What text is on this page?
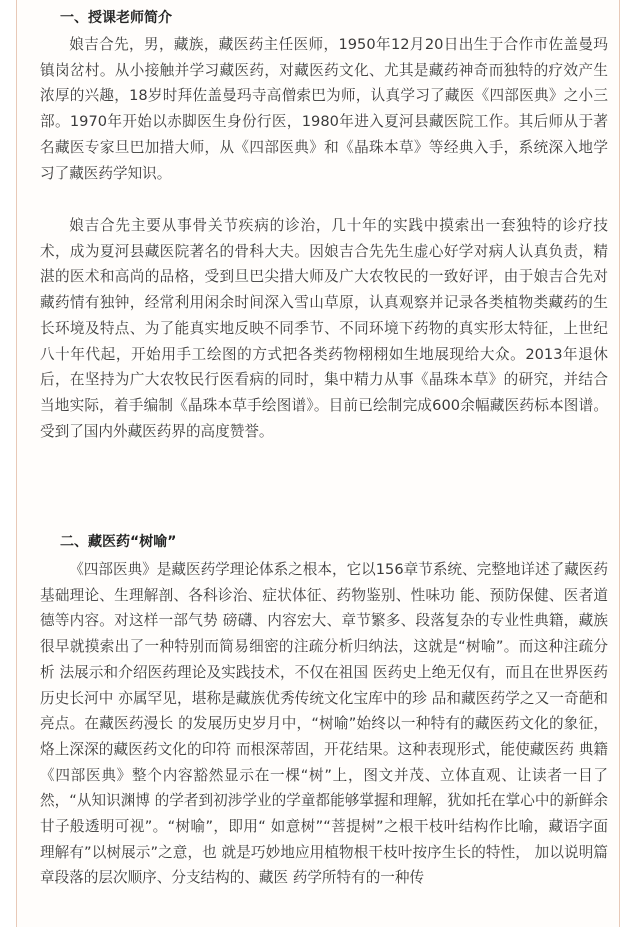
一、授课老师简介

娘吉合先，男，藏族，藏医药主任医师，1950年12月20日出生于合作市佐盖曼玛镇岗岔村。从小接触并学习藏医药，对藏医药文化、尤其是藏药神奇而独特的疗效产生浓厚的兴趣，18岁时拜佐盖曼玛寺高僧索巴为师，认真学习了藏医《四部医典》之小三部。1970年开始以赤脚医生身份行医，1980年进入夏河县藏医院工作。其后师从于著名藏医专家旦巴加措大师，从《四部医典》和《晶珠本草》等经典入手，系统深入地学习了藏医药学知识。

娘吉合先主要从事骨关节疾病的诊治，几十年的实践中摸索出一套独特的诊疗技术，成为夏河县藏医院著名的骨科大夫。因娘吉合先先生虚心好学对病人认真负责，精湛的医术和高尚的品格，受到旦巴尖措大师及广大农牧民的一致好评，由于娘吉合先对藏药情有独钟，经常利用闲余时间深入雪山草原，认真观察并记录各类植物类藏药的生长环境及特点、为了能真实地反映不同季节、不同环境下药物的真实形太特征，上世纪八十年代起，开始用手工绘图的方式把各类药物栩栩如生地展现给大众。2013年退休后，在坚持为广大农牧民行医看病的同时，集中精力从事《晶珠本草》的研究，并结合当地实际，着手编制《晶珠本草手绘图谱》。目前已绘制完成600余幅藏医药标本图谱。受到了国内外藏医药界的高度赞誉。

二、藏医药“树喻”

《四部医典》是藏医药学理论体系之根本，它以156章节系统、完整地详述了藏医药基础理论、生理解剖、各科诊治、症状体征、药物鉴别、性味功 能、预防保健、医者道德等内容。对这样一部气势 磅礴、内容宏大、章节繁多、段落复杂的专业性典籍，藏族很早就摸索出了一种特别而简易细密的注疏分析归纳法，这就是“树喻”。而这种注疏分析 法展示和介绍医药理论及实践技术，不仅在祖国 医药史上绝无仅有，而且在世界医药历史长河中 亦属罕见，堪称是藏族优秀传统文化宝库中的珍 品和藏医药学之又一奇葩和亮点。在藏医药漫长 的发展历史岁月中，“树喻”始终以一种特有的藏医药文化的象征，烙上深深的藏医药文化的印符 而根深蒂固，开花结果。这种表现形式，能使藏医药 典籍《四部医典》整个内容豁然显示在一棵“树”上，图文并茂、立体直观、让读者一目了然，“从知识渊博 的学者到初涉学业的学童都能够掌握和理解，犹如托在掌心中的新鲜余甘子般透明可视”。“树喻”，即用“ 如意树”“菩提树”之根干枝叶结构作比喻，藏语字面理解有”以树展示”之意，也 就是巧妙地应用植物根干枝叶按序生长的特性， 加以说明篇章段落的层次顺序、分支结构的、藏医 药学所特有的一种传
